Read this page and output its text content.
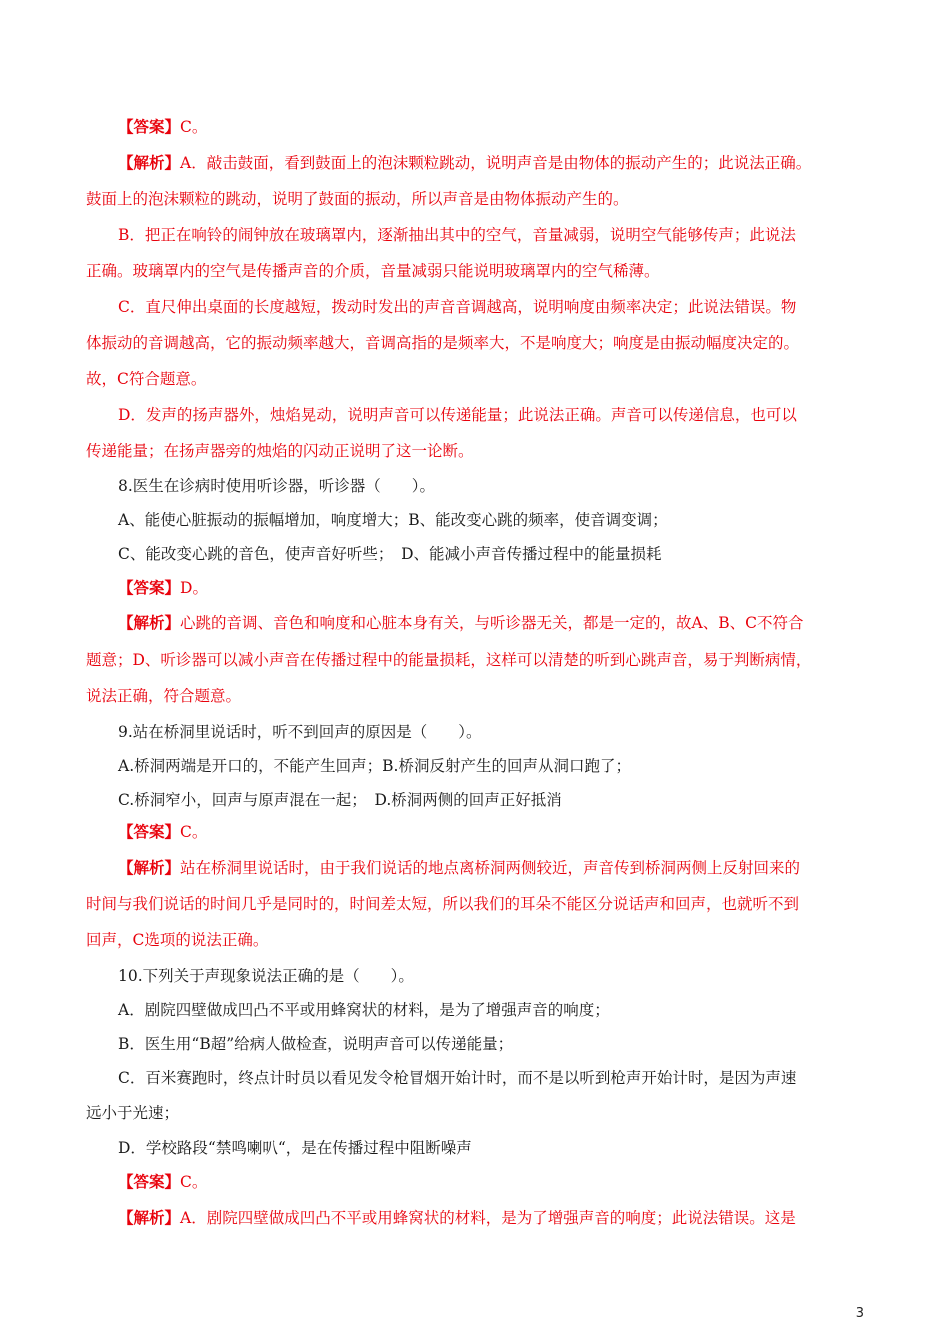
【答案】C。
【解析】A．敲击鼓面，看到鼓面上的泡沫颗粒跳动，说明声音是由物体的振动产生的；此说法正确。
鼓面上的泡沫颗粒的跳动，说明了鼓面的振动，所以声音是由物体振动产生的。
B．把正在响铃的闹钟放在玻璃罩内，逐渐抽出其中的空气，音量减弱，说明空气能够传声；此说法
正确。玻璃罩内的空气是传播声音的介质，音量减弱只能说明玻璃罩内的空气稀薄。
C．直尺伸出桌面的长度越短，拨动时发出的声音音调越高，说明响度由频率决定；此说法错误。物
体振动的音调越高，它的振动频率越大，音调高指的是频率大，不是响度大；响度是由振动幅度决定的。
故，C符合题意。
D．发声的扬声器外，烛焰晃动，说明声音可以传递能量；此说法正确。声音可以传递信息，也可以
传递能量；在扬声器旁的烛焰的闪动正说明了这一论断。
8.医生在诊病时使用听诊器，听诊器（　　）。
A、能使心脏振动的振幅增加，响度增大；B、能改变心跳的频率，使音调变调；
C、能改变心跳的音色，使声音好听些；　D、能减小声音传播过程中的能量损耗
【答案】D。
【解析】心跳的音调、音色和响度和心脏本身有关，与听诊器无关，都是一定的，故A、B、C不符合
题意；D、听诊器可以减小声音在传播过程中的能量损耗，这样可以清楚的听到心跳声音，易于判断病情，
说法正确，符合题意。
9.站在桥洞里说话时，听不到回声的原因是（　　）。
A.桥洞两端是开口的，不能产生回声；B.桥洞反射产生的回声从洞口跑了；
C.桥洞窄小，回声与原声混在一起；　D.桥洞两侧的回声正好抵消
【答案】C。
【解析】站在桥洞里说话时，由于我们说话的地点离桥洞两侧较近，声音传到桥洞两侧上反射回来的
时间与我们说话的时间几乎是同时的，时间差太短，所以我们的耳朵不能区分说话声和回声，也就听不到
回声，C选项的说法正确。
10.下列关于声现象说法正确的是（　　）。
A．剧院四壁做成凹凸不平或用蜂窝状的材料，是为了增强声音的响度；
B．医生用“B超”给病人做检查，说明声音可以传递能量；
C．百米赛跑时，终点计时员以看见发令枪冒烟开始计时，而不是以听到枪声开始计时，是因为声速
远小于光速；
D．学校路段“禁鸣喇叭“，是在传播过程中阻断噪声
【答案】C。
【解析】A．剧院四壁做成凹凸不平或用蜂窝状的材料，是为了增强声音的响度；此说法错误。这是
3
